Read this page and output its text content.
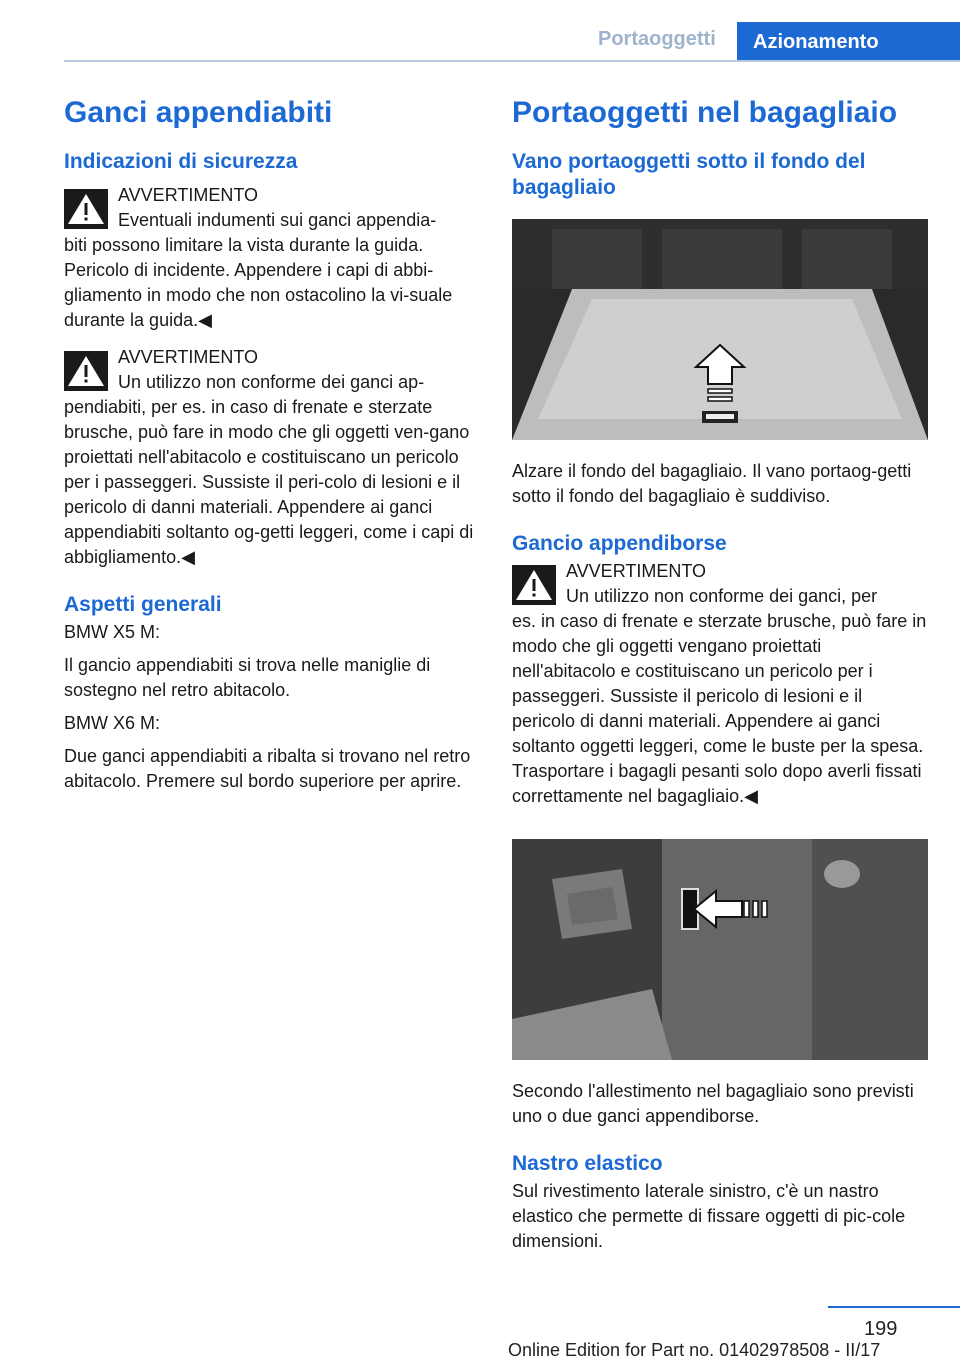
Portaoggetti Azionamento
Ganci appendiabiti
Indicazioni di sicurezza
AVVERTIMENTO
Eventuali indumenti sui ganci appendia-

biti possono limitare la vista durante la guida. Pericolo di incidente. Appendere i capi di abbi-gliamento in modo che non ostacolino la vi-suale durante la guida.◀

AVVERTIMENTO
Un utilizzo non conforme dei ganci ap-

pendiabiti, per es. in caso di frenate e sterzate brusche, può fare in modo che gli oggetti ven-gano proiettati nell'abitacolo e costituiscano un pericolo per i passeggeri. Sussiste il peri-colo di lesioni e il pericolo di danni materiali. Appendere ai ganci appendiabiti soltanto og-getti leggeri, come i capi di abbigliamento.◀

Aspetti generali

BMW X5 M:

Il gancio appendiabiti si trova nelle maniglie di sostegno nel retro abitacolo.

BMW X6 M:

Due ganci appendiabiti a ribalta si trovano nel retro abitacolo. Premere sul bordo superiore per aprire.

Portaoggetti nel bagagliaio
Vano portaoggetti sotto il fondo del bagagliaio

Alzare il fondo del bagagliaio. Il vano portaog-getti sotto il fondo del bagagliaio è suddiviso.

Gancio appendiborse
AVVERTIMENTO
Un utilizzo non conforme dei ganci, per

es. in caso di frenate e sterzate brusche, può fare in modo che gli oggetti vengano proiettati nell'abitacolo e costituiscano un pericolo per i passeggeri. Sussiste il pericolo di lesioni e il pericolo di danni materiali. Appendere ai ganci soltanto oggetti leggeri, come le buste per la spesa. Trasportare i bagagli pesanti solo dopo averli fissati correttamente nel bagagliaio.◀

Secondo l'allestimento nel bagagliaio sono previsti uno o due ganci appendiborse.

Nastro elastico

Sul rivestimento laterale sinistro, c'è un nastro elastico che permette di fissare oggetti di pic-cole dimensioni.

199
Online Edition for Part no. 01402978508 - II/17
